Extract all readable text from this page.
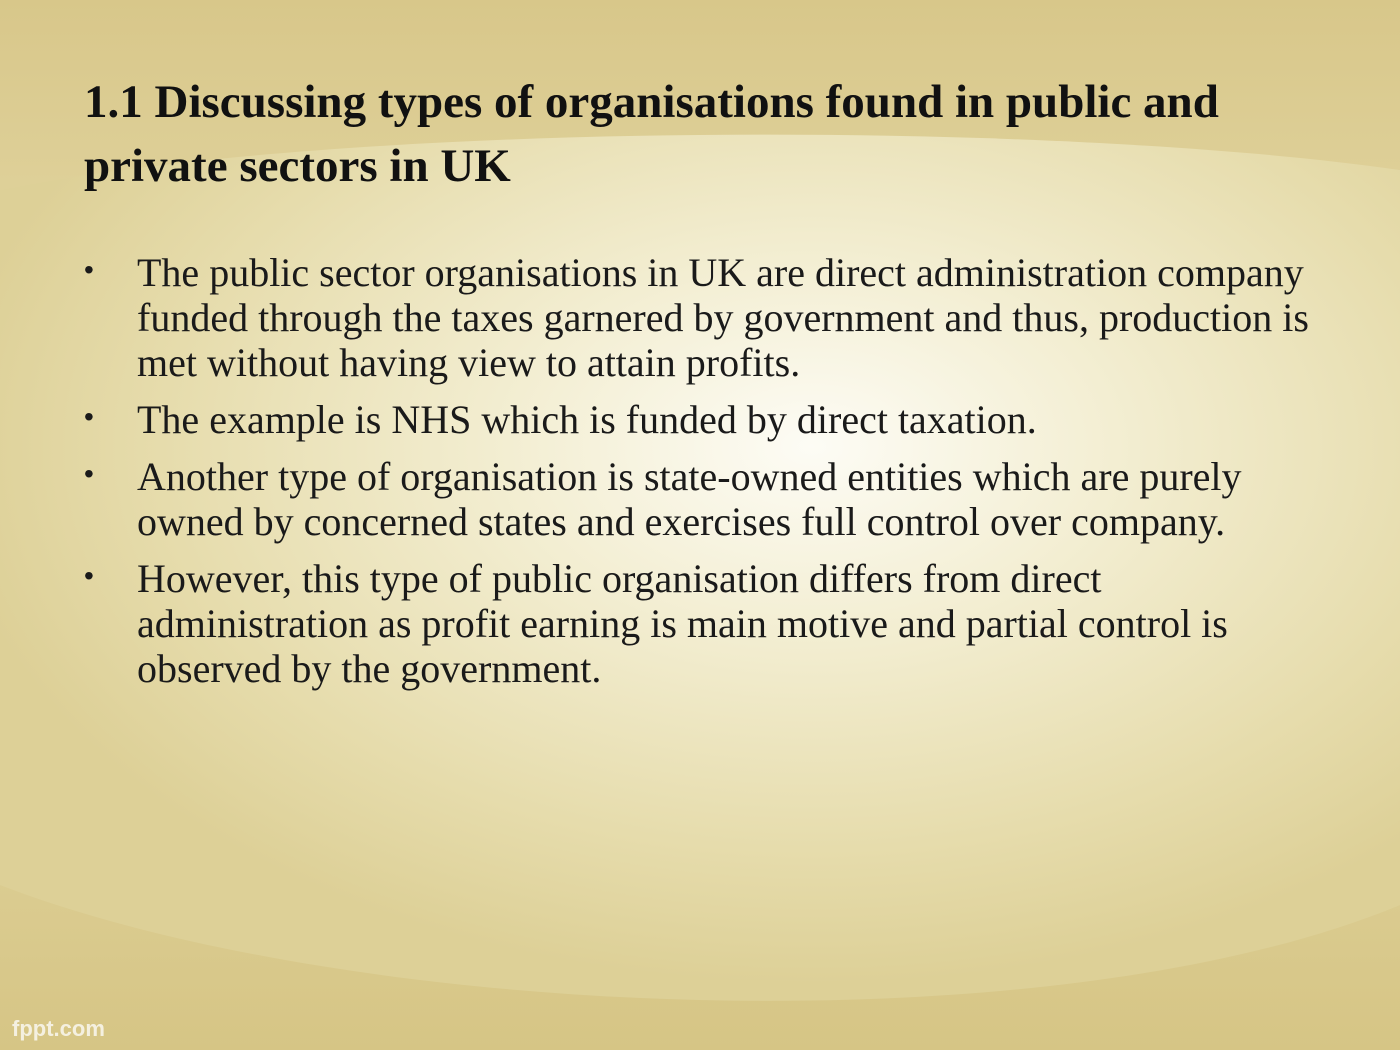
1.1 Discussing types of organisations found in public and private sectors in UK
• The public sector organisations in UK are direct administration company funded through the taxes garnered by government and thus, production is met without having view to attain profits.
• The example is NHS which is funded by direct taxation.
• Another type of organisation is state-owned entities which are purely owned by concerned states and exercises full control over company.
• However, this type of public organisation differs from direct administration as profit earning is main motive and partial control is observed by the government.
fppt.com
